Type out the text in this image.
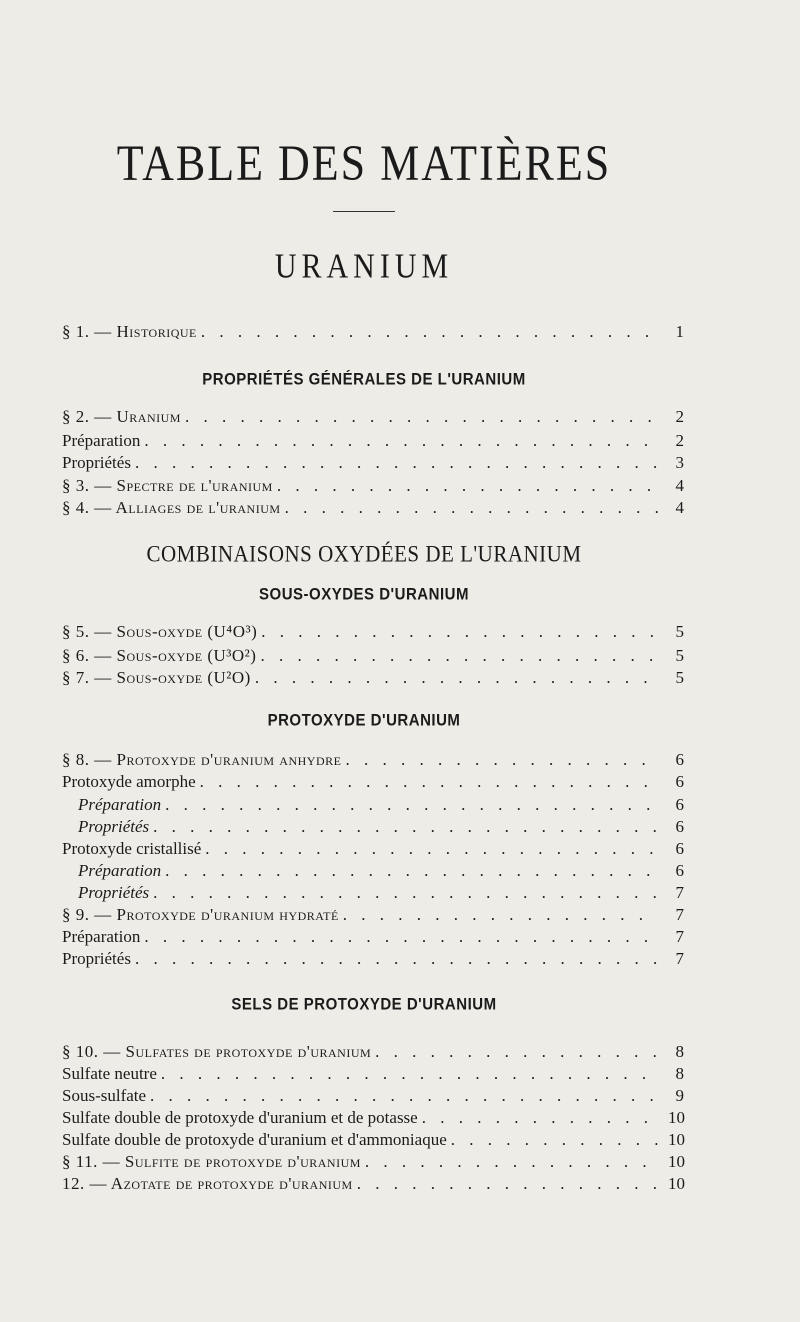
TABLE DES MATIÈRES
URANIUM
§ 1. — Historique . . .	1
PROPRIÉTÉS GÉNÉRALES DE L'URANIUM
§ 2. — Uranium . . .	2
Préparation . . .	2
Propriétés . . .	3
§ 3. — Spectre de l'uranium . . .	4
§ 4. — Alliages de l'uranium . . .	4
COMBINAISONS OXYDÉES DE L'URANIUM
SOUS-OXYDES D'URANIUM
§ 5. — Sous-oxyde (U⁴O³) . . .	5
§ 6. — Sous-oxyde (U³O²) . . .	5
§ 7. — Sous-oxyde (U²O) . . .	5
PROTOXYDE D'URANIUM
§ 8. — Protoxyde d'uranium anhydre . . .	6
Protoxyde amorphe . . .	6
Préparation . . .	6
Propriétés . . .	6
Protoxyde cristallisé . . .	6
Préparation . . .	6
Propriétés . . .	7
§ 9. — Protoxyde d'uranium hydraté . . .	7
Préparation . . .	7
Propriétés . . .	7
SELS DE PROTOXYDE D'URANIUM
§ 10. — Sulfates de protoxyde d'uranium . . .	8
Sulfate neutre . . .	8
Sous-sulfate . . .	9
Sulfate double de protoxyde d'uranium et de potasse . . .	10
Sulfate double de protoxyde d'uranium et d'ammoniaque . . .	10
§ 11. — Sulfite de protoxyde d'uranium . . .	10
12. — Azotate de protoxyde d'uranium . . .	10
